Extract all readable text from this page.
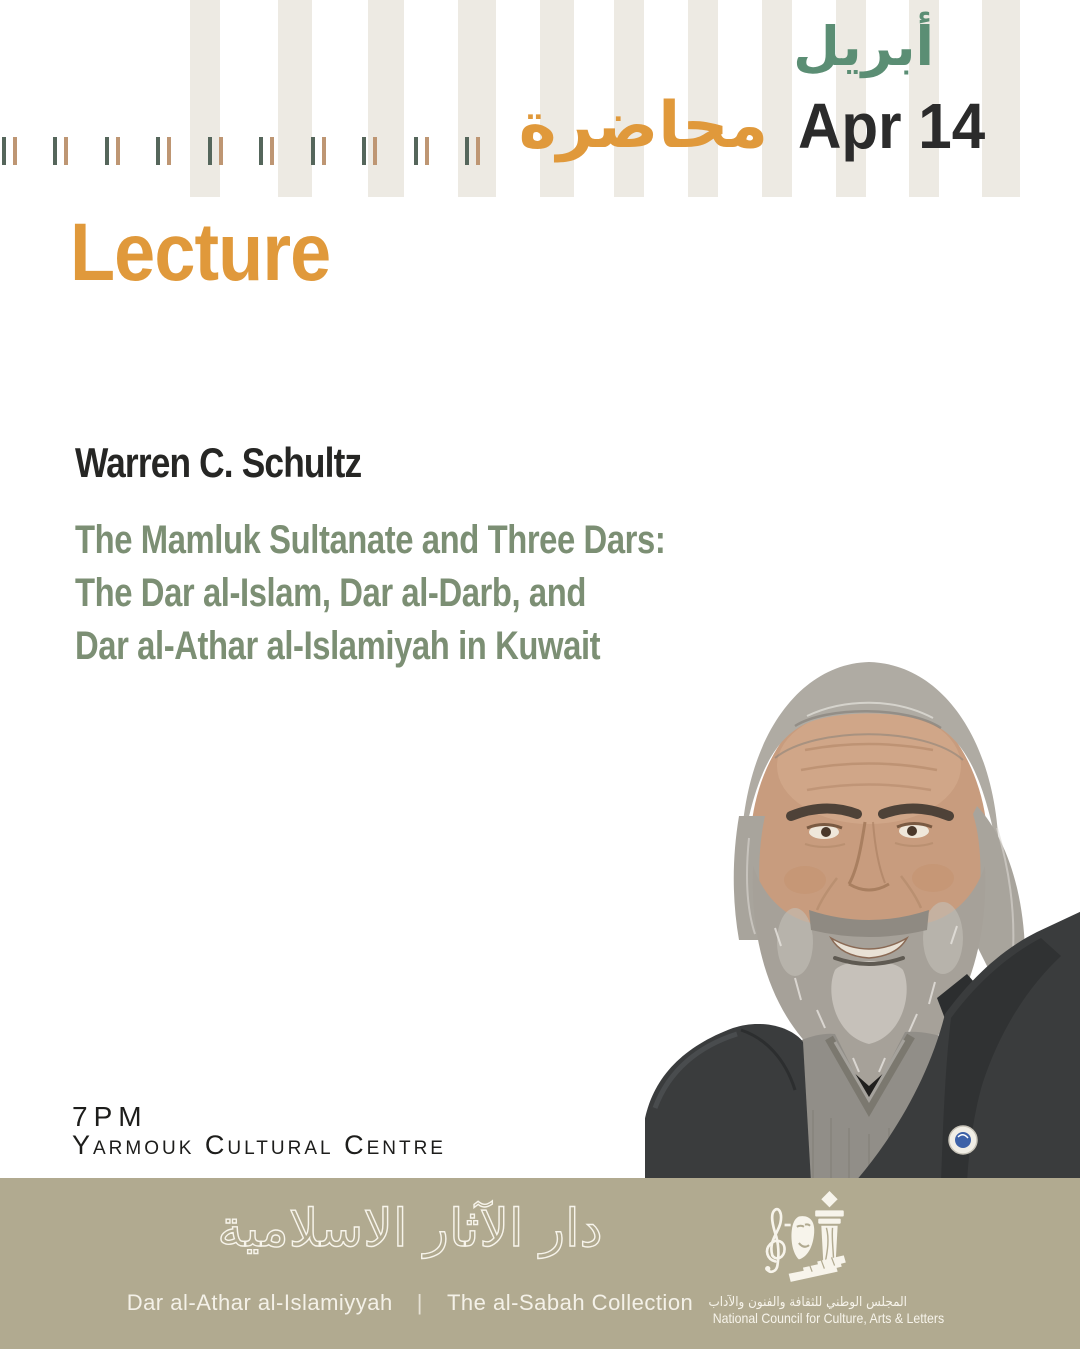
أبريل
Apr 14
محاضرة
Lecture
Warren C. Schultz
The Mamluk Sultanate and Three Dars:
The Dar al-Islam, Dar al-Darb, and
Dar al-Athar al-Islamiyah in Kuwait
7PM
Yarmouk Cultural Centre
دار الآثار الاسلامية
Dar al-Athar al-Islamiyyah | The al-Sabah Collection المجلس الوطني للثقافة والفنون والآداب
National Council for Culture, Arts & Letters
